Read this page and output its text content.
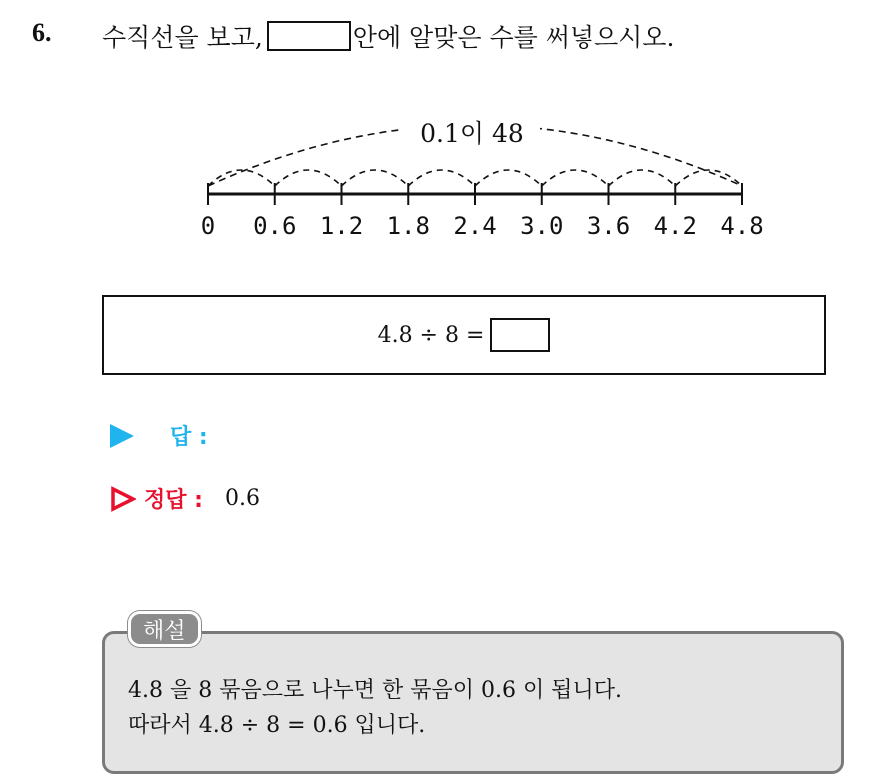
6. 수직선을 보고,	안에 알맞은 수를 써넣으시오.
0 0.6 1.2 1.8 2.4 3.0 3.6 4.2 4.8
0.1이 48
4.8 ÷ 8 =
답 :
정답 : 0.6
해설
4.8 을 8 묶음으로 나누면 한 묶음이 0.6 이 됩니다.
따라서 4.8 ÷ 8 = 0.6 입니다.
